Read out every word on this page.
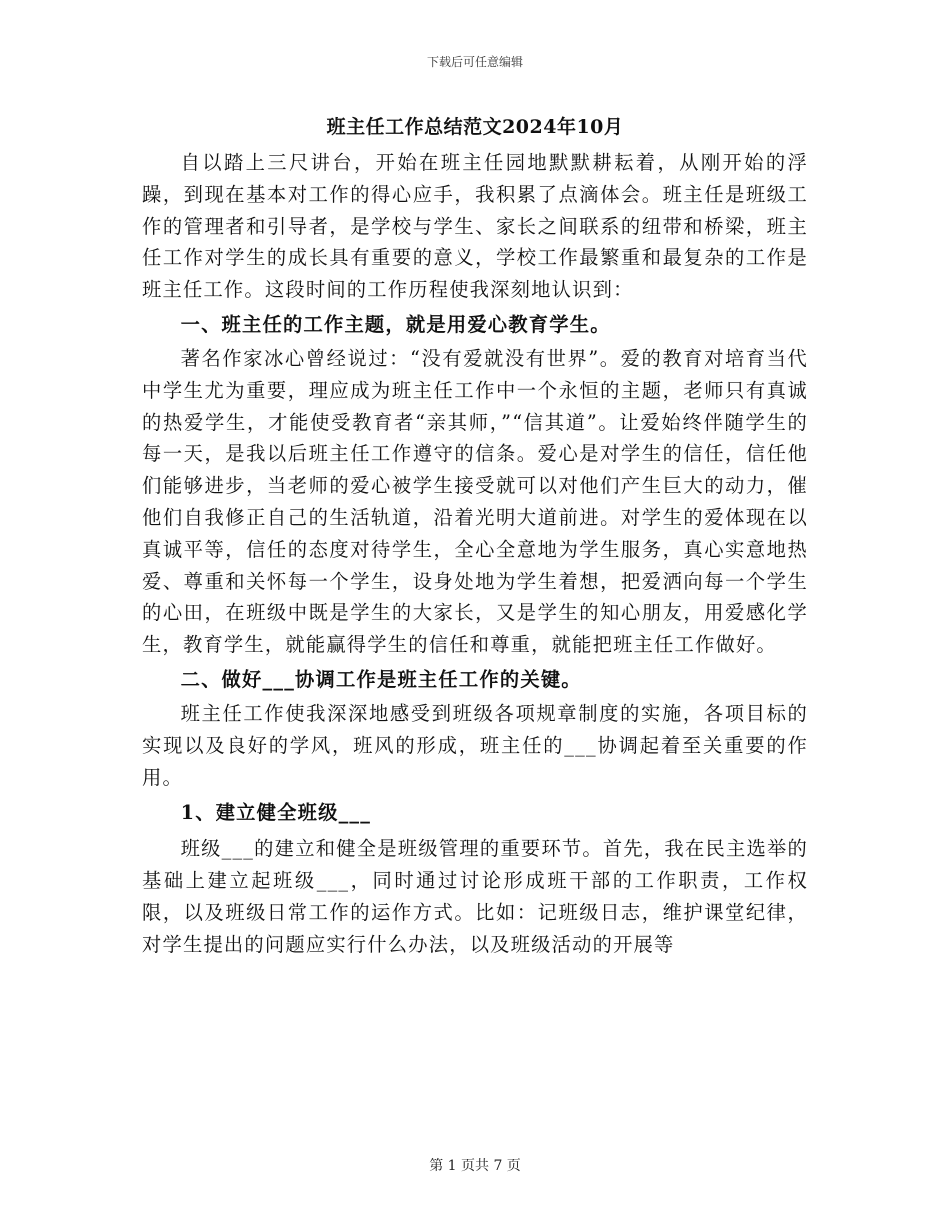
下载后可任意编辑
班主任工作总结范文2024年10月

自以踏上三尺讲台，开始在班主任园地默默耕耘着，从刚开始的浮躁，到现在基本对工作的得心应手，我积累了点滴体会。班主任是班级工作的管理者和引导者，是学校与学生、家长之间联系的纽带和桥梁，班主任工作对学生的成长具有重要的意义，学校工作最繁重和最复杂的工作是班主任工作。这段时间的工作历程使我深刻地认识到：

一、班主任的工作主题，就是用爱心教育学生。

著名作家冰心曾经说过：“没有爱就没有世界”。爱的教育对培育当代中学生尤为重要，理应成为班主任工作中一个永恒的主题，老师只有真诚的热爱学生，才能使受教育者“亲其师，”“信其道”。让爱始终伴随学生的每一天，是我以后班主任工作遵守的信条。爱心是对学生的信任，信任他们能够进步，当老师的爱心被学生接受就可以对他们产生巨大的动力，催他们自我修正自己的生活轨道，沿着光明大道前进。对学生的爱体现在以真诚平等，信任的态度对待学生，全心全意地为学生服务，真心实意地热爱、尊重和关怀每一个学生，设身处地为学生着想，把爱洒向每一个学生的心田，在班级中既是学生的大家长，又是学生的知心朋友，用爱感化学生，教育学生，就能赢得学生的信任和尊重，就能把班主任工作做好。

二、做好___协调工作是班主任工作的关键。

班主任工作使我深深地感受到班级各项规章制度的实施，各项目标的实现以及良好的学风，班风的形成，班主任的___协调起着至关重要的作用。

1、建立健全班级___

班级___的建立和健全是班级管理的重要环节。首先，我在民主选举的基础上建立起班级___，同时通过讨论形成班干部的工作职责，工作权限，以及班级日常工作的运作方式。比如：记班级日志，维护课堂纪律，对学生提出的问题应实行什么办法，以及班级活动的开展等

第 1 页共 7 页
